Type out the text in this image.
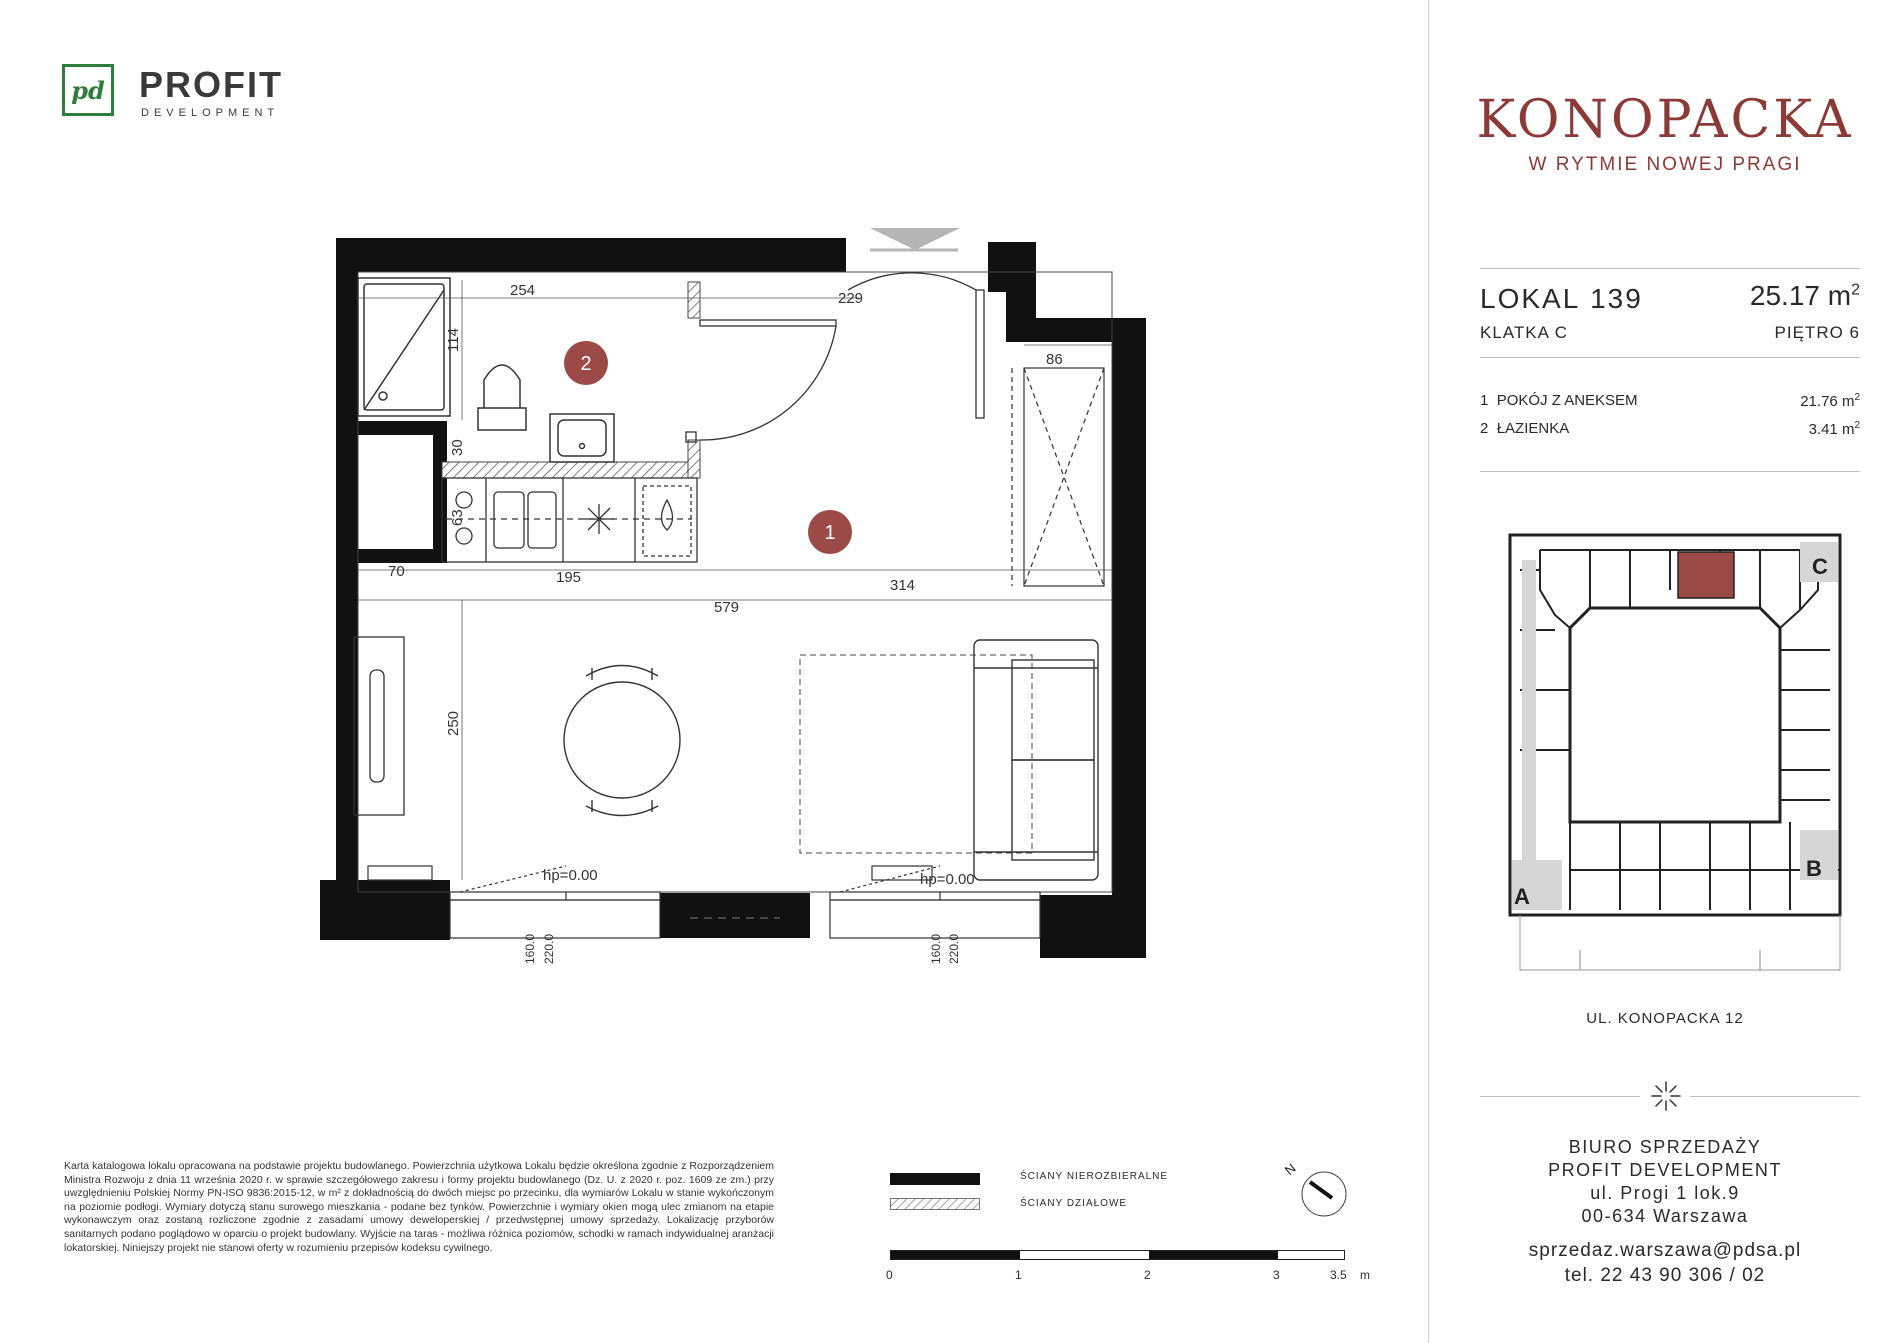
pd PROFIT
DEVELOPMENT
254	229
114
86
30
63
70	195	314
579
250
hp=0.00	hp=0.00
160.0 220.0	160.0 220.0
2
1
KONOPACKA
W RYTMIE NOWEJ PRAGI
LOKAL 139	25.17 $m^2$
KLATKA C	PIĘTRO 6
1 POKÓJ Z ANEKSEM	21.76 $m^2$
2 ŁAZIENKA	3.41 $m^2$
A
B
C
UL. KONOPACKA 12
BIURO SPRZEDAŻY
PROFIT DEVELOPMENT
ul. Progi 1 lok.9
00-634 Warszawa
sprzedaz.warszawa@pdsa.pl
tel. 22 43 90 306 / 02
Karta katalogowa lokalu opracowana na podstawie projektu budowlanego. Powierzchnia użytkowa Lokalu będzie określona zgodnie z Rozporządzeniem Ministra Rozwoju z dnia 11 września 2020 r. w sprawie szczegółowego zakresu i formy projektu budowlanego (Dz. U. z 2020 r. poz. 1609 ze zm.) przy uwzględnieniu Polskiej Normy PN-ISO 9836:2015-12, w m² z dokładnością do dwóch miejsc po przecinku, dla wymiarów Lokalu w stanie wykończonym na poziomie podłogi. Wymiary dotyczą stanu surowego mieszkania - podane bez tynków. Powierzchnie i wymiary okien mogą ulec zmianom na etapie wykonawczym oraz zostaną rozliczone zgodnie z zasadami umowy deweloperskiej / przedwstępnej umowy sprzedaży. Lokalizację przyborów sanitarnych podano poglądowo w oparciu o projekt budowlany. Wyjście na taras - możliwa różnica poziomów, schodki w ramach indywidualnej aranżacji lokatorskiej. Niniejszy projekt nie stanowi oferty w rozumieniu przepisów kodeksu cywilnego.
ŚCIANY NIEROZBIERALNE
ŚCIANY DZIAŁOWE
N
0	1	2	3	3.5 m
